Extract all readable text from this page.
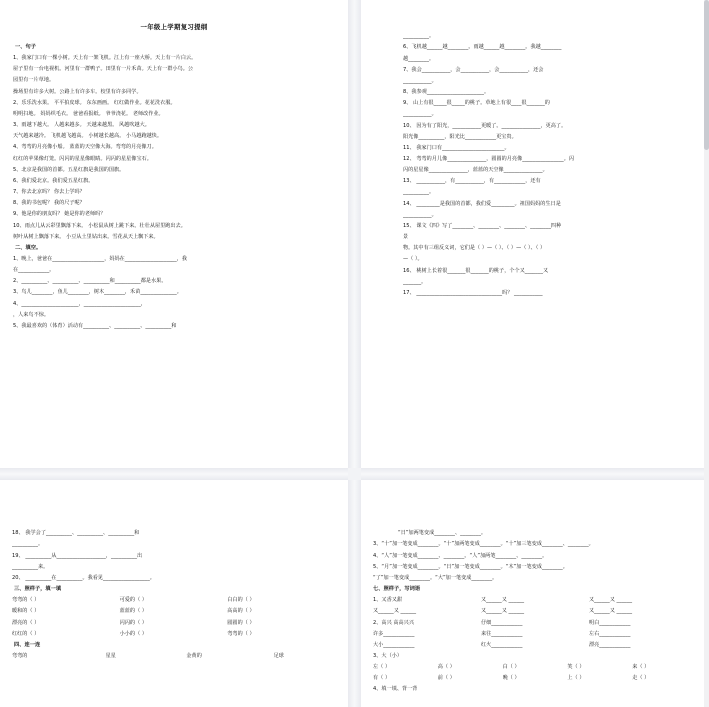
一年级上学期复习提纲
一、句子
1、我家门口有一棵小树。天上有一架飞机。江上有一座大桥。天上有一片白云。
屋子里有一台电视机。河里有一群鸭子。田里有一片禾苗。天上有一群小鸟。公
园里有一片草地。
操场里有许多大树。公路上有许多车。校里有许多同学。
2、乐乐洗水果。 平平拍皮球。 东东画画。 红红做作业。花花洗衣服。
明明扫地。 妈妈织毛衣。 爸爸看报纸。 爷爷浇花。 老师改作业。
3、雨越下越大。 人越来越多。 天越来越黑。 风越吹越大。
天气越来越冷。 飞机越飞越高。 小树越长越高。 小马越跑越快。
4、弯弯的月亮像小船。 蓝蓝的天空像大海。弯弯的月亮像刀。
红红的苹果像灯笼。闪闪的星星像眼睛。闪闪的星星像宝石。
5、北京是我国的首都。五星红旗是我国的国旗。
6、我们爱北京。我们爱五星红旗。
7、你去北京吗？ 你去上学吗？
8、我的书包呢？ 我的尺子呢？
9、他是你的朋友吗？ 她是你的老师吗？
10、雨点儿从云彩里飘落下来。 小松鼠从树上跳下来。壮壮从屋里跑出去。
树叶从树上飘落下来。 小豆从土里钻出来。雪花从天上飘下来。
二、填空。
1、晚上，爸爸在____________________，妈妈在____________________，我
在____________。
2、__________、__________、__________和__________都是水果。
3、鸟儿________，鱼儿________，树木________，禾苗______________。
4、______________________，______________________，
，人来鸟不惊。
5、我最喜欢的（体育）活动有__________、__________、__________和
__________。
6、飞机越______越________。雨越______越________。我越________
越________。
7、我会___________，会___________，会___________，还会
___________。
8、我参观______________________。
9、 山上有很_____很_____的桃子。草地上有很____很_______的
___________。
10、 因为有了阳光，___________更暖了。_______________，更高了。
阳光像__________，阳光比____________更宝贵。
11、 我家门口有________________________。
12、 弯弯的月儿像_______________，圆圆的月亮像________________。闪
闪的星星像_______________，蓝蓝的天空像_______________。
13、 ___________，有___________，有____________，还有
__________。
14、 _________是我国的首都，我们爱_________。祖国妈妈的生日是
___________。
15、 课文《四》写了________、________、________、________四种
景
物。其中有三组反义词，它们是（ ）—（ ）、（ ）—（ ）、（ ）
—（ ）。
16、 桃树上长着很_______很_______的桃子，个个又_______又
_______。
17、 _________________________________吗？ ___________
18、 我学会了__________、__________、__________和
__________。
19、 __________从___________________，__________出
__________来。
20、 __________在__________。我看见__________________。
三、照样子，填一填
弯弯的（ ）	可爱的（ ）	白白的（ ）
暖和的（ ）	蓝蓝的（ ）	高高的（ ）
漂亮的（ ）	闪闪的（ ）	圆圆的（ ）
红红的（ ）	小小的（ ）	弯弯的（ ）
四、连一连
弯弯的	星星	金黄的	足球
“日”加两笔变成________、________。
3、“十”加一笔变成________。“十”加两笔变成________。“十”加三笔变成________、________。
4、“人”加一笔变成________、________。“人”加两笔________、________。
5、“月”加一笔变成________。“日”加一笔变成________。“木”加一笔变成________。
“了”加一笔变成________。“大”加一笔变成________。
七、照样子，写词语
1、又香又甜	又______又 ______	又______又 ______
又______又 ______	又______又 ______	又______又 ______
2、高兴 高高兴兴	仔细____________	明白____________
许多____________	来往____________	左右____________
大小____________	红火____________	漂亮____________
3、大（小）
左（ ）	高（ ）	白（ ）	笑（ ）	来（ ）
有（ ）	前（ ）	晚（ ）	上（ ）	走（ ）
4、填一填、背一背
